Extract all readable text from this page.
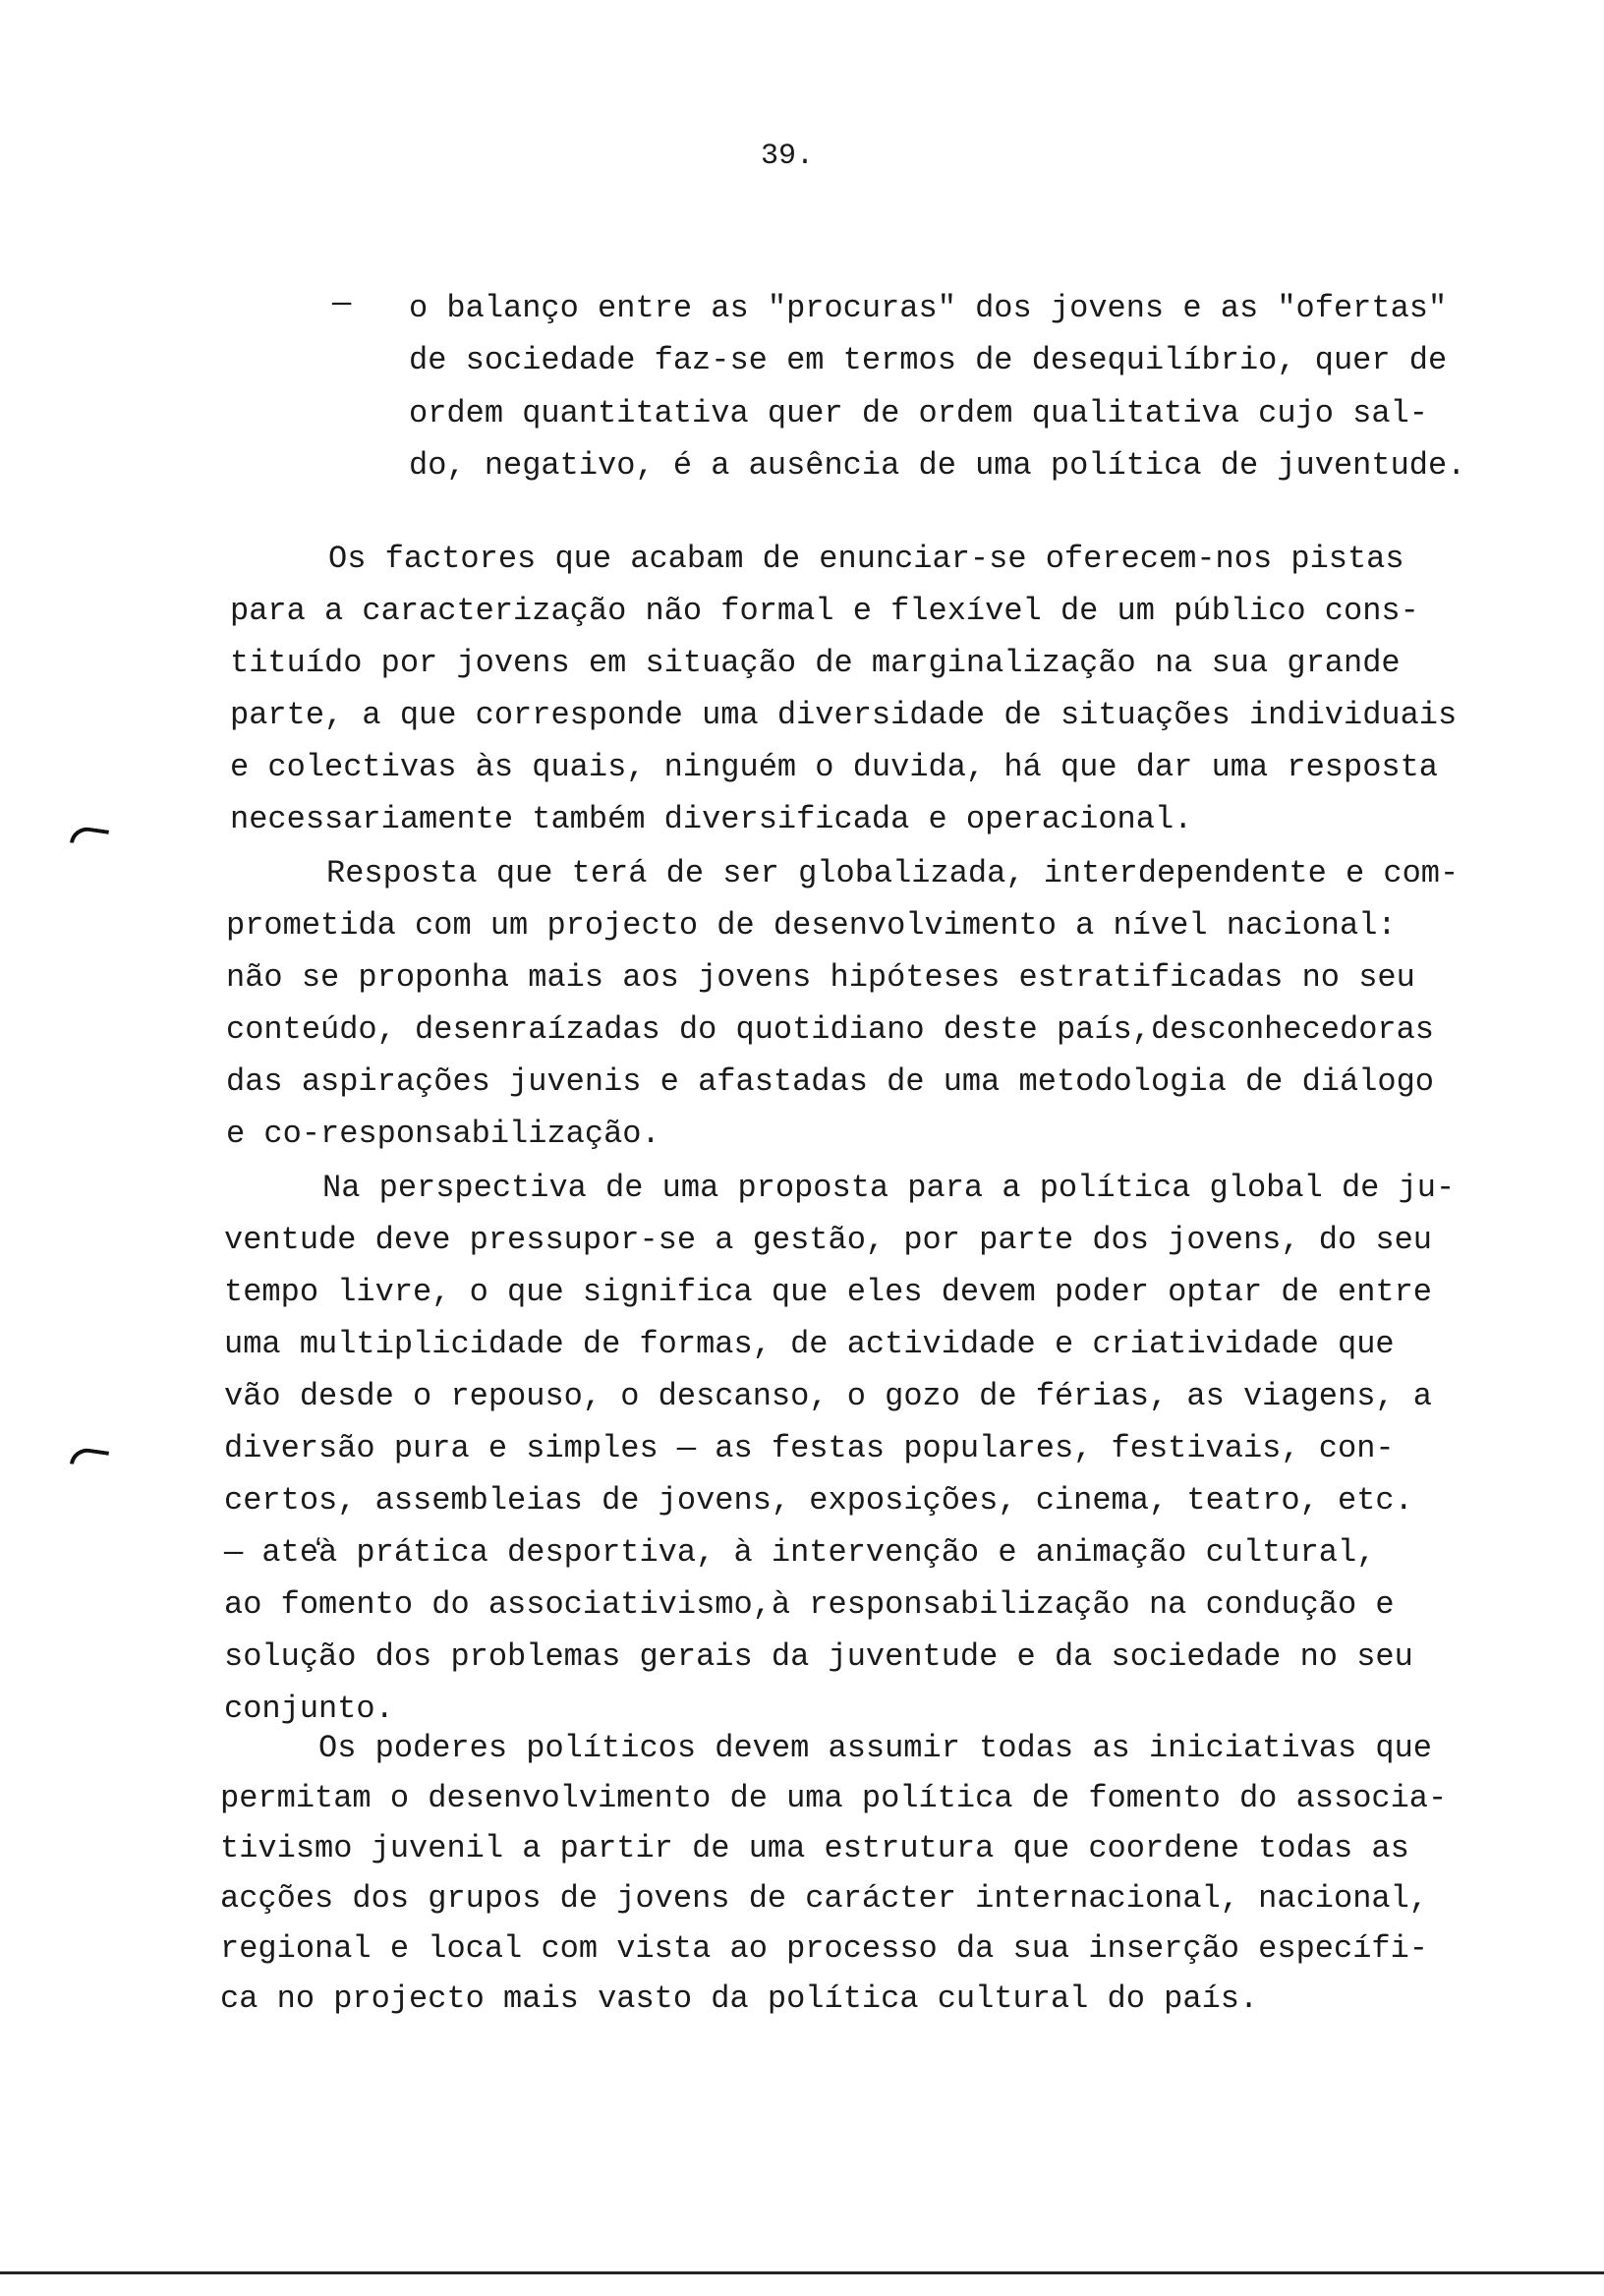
39.
— o balanço entre as "procuras" dos jovens e as "ofertas"
de sociedade faz-se em termos de desequilíbrio, quer de
ordem quantitativa quer de ordem qualitativa cujo sal-
do, negativo, é a ausência de uma política de juventude.
Os factores que acabam de enunciar-se oferecem-nos pistas
para a caracterização não formal e flexível de um público cons-
tituído por jovens em situação de marginalização na sua grande
parte, a que corresponde uma diversidade de situações individuais
e colectivas às quais, ninguém o duvida, há que dar uma resposta
necessariamente também diversificada e operacional.
Resposta que terá de ser globalizada, interdependente e com-
prometida com um projecto de desenvolvimento a nível nacional:
não se proponha mais aos jovens hipóteses estratificadas no seu
conteúdo, desenraízadas do quotidiano deste país,desconhecedoras
das aspirações juvenis e afastadas de uma metodologia de diálogo
e co-responsabilização.
Na perspectiva de uma proposta para a política global de ju-
ventude deve pressupor-se a gestão, por parte dos jovens, do seu
tempo livre, o que significa que eles devem poder optar de entre
uma multiplicidade de formas, de actividade e criatividade que
vão desde o repouso, o descanso, o gozo de férias, as viagens, a
diversão pura e simples — as festas populares, festivais, con-
certos, assembleias de jovens, exposições, cinema, teatro, etc.
— ate̒à prática desportiva, à intervenção e animação cultural,
ao fomento do associativismo,à responsabilização na condução e
solução dos problemas gerais da juventude e da sociedade no seu
conjunto.
Os poderes políticos devem assumir todas as iniciativas que
permitam o desenvolvimento de uma política de fomento do associa-
tivismo juvenil a partir de uma estrutura que coordene todas as
acções dos grupos de jovens de carácter internacional, nacional,
regional e local com vista ao processo da sua inserção específi-
ca no projecto mais vasto da política cultural do país.
